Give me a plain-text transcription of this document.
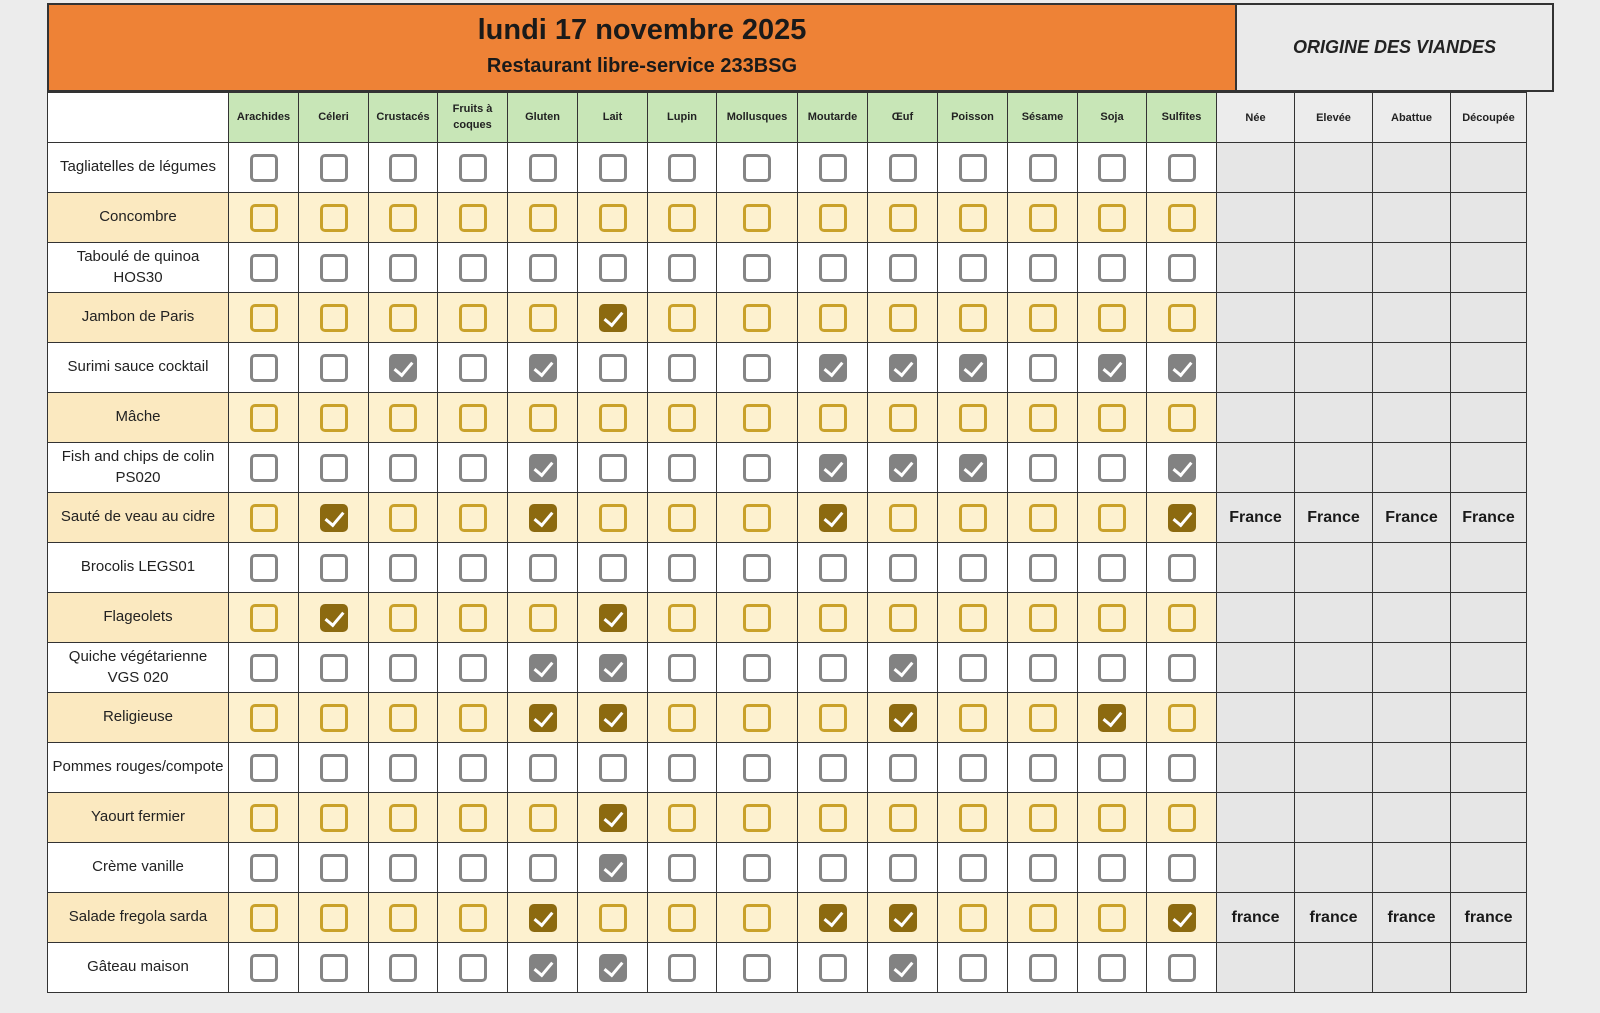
lundi 17 novembre 2025
Restaurant libre-service 233BSG
ORIGINE DES VIANDES
	Arachides	Céleri	Crustacés	Fruits à coques	Gluten	Lait	Lupin	Mollusques	Moutarde	Œuf	Poisson	Sésame	Soja	Sulfites	Née	Elevée	Abattue	Découpée
Tagliatelles de légumes																		
Concombre																		
Taboulé de quinoa HOS30																		
Jambon de Paris																		
Surimi sauce cocktail																		
Mâche																		
Fish and chips de colin PS020																		
Sauté de veau au cidre															France	France	France	France
Brocolis LEGS01																		
Flageolets																		
Quiche végétarienne VGS 020																		
Religieuse																		
Pommes rouges/compote																		
Yaourt fermier																		
Crème vanille																		
Salade fregola sarda															france	france	france	france
Gâteau maison																		
